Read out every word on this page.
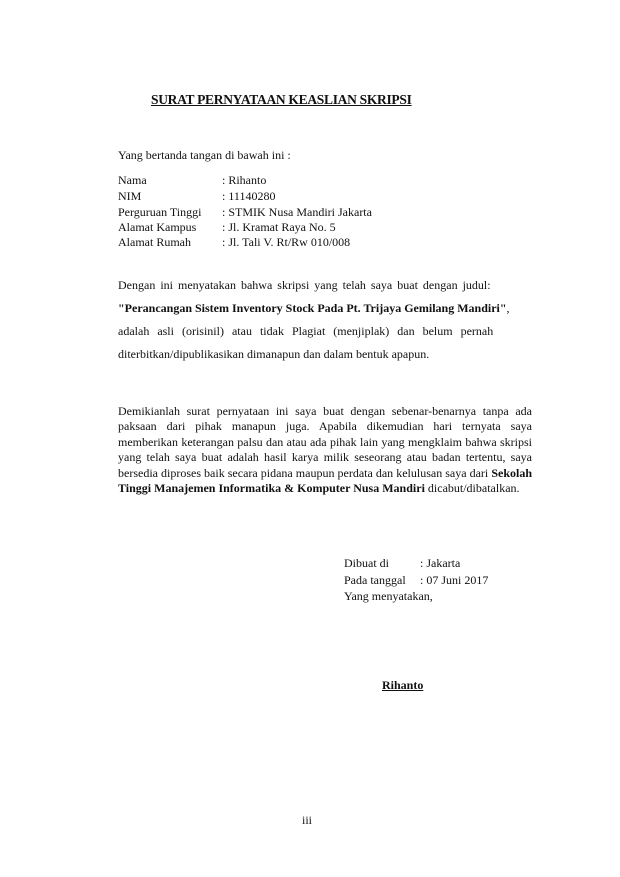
SURAT PERNYATAAN KEASLIAN SKRIPSI
Yang bertanda tangan di bawah ini :
Nama	: Rihanto
NIM	: 11140280
Perguruan Tinggi : STMIK Nusa Mandiri Jakarta
Alamat Kampus : Jl. Kramat Raya No. 5
Alamat Rumah	: Jl. Tali V. Rt/Rw 010/008
Dengan ini menyatakan bahwa skripsi yang telah saya buat dengan judul:
"Perancangan Sistem Inventory Stock Pada Pt. Trijaya Gemilang Mandiri",
adalah asli (orisinil) atau tidak Plagiat (menjiplak) dan belum pernah
diterbitkan/dipublikasikan dimanapun dan dalam bentuk apapun.
Demikianlah surat pernyataan ini saya buat dengan sebenar-benarnya tanpa ada paksaan dari pihak manapun juga. Apabila dikemudian hari ternyata saya memberikan keterangan palsu dan atau ada pihak lain yang mengklaim bahwa skripsi yang telah saya buat adalah hasil karya milik seseorang atau badan tertentu, saya bersedia diproses baik secara pidana maupun perdata dan kelulusan saya dari Sekolah Tinggi Manajemen Informatika & Komputer Nusa Mandiri dicabut/dibatalkan.
Dibuat di	: Jakarta
Pada tanggal : 07 Juni 2017
Yang menyatakan,
Rihanto
iii
